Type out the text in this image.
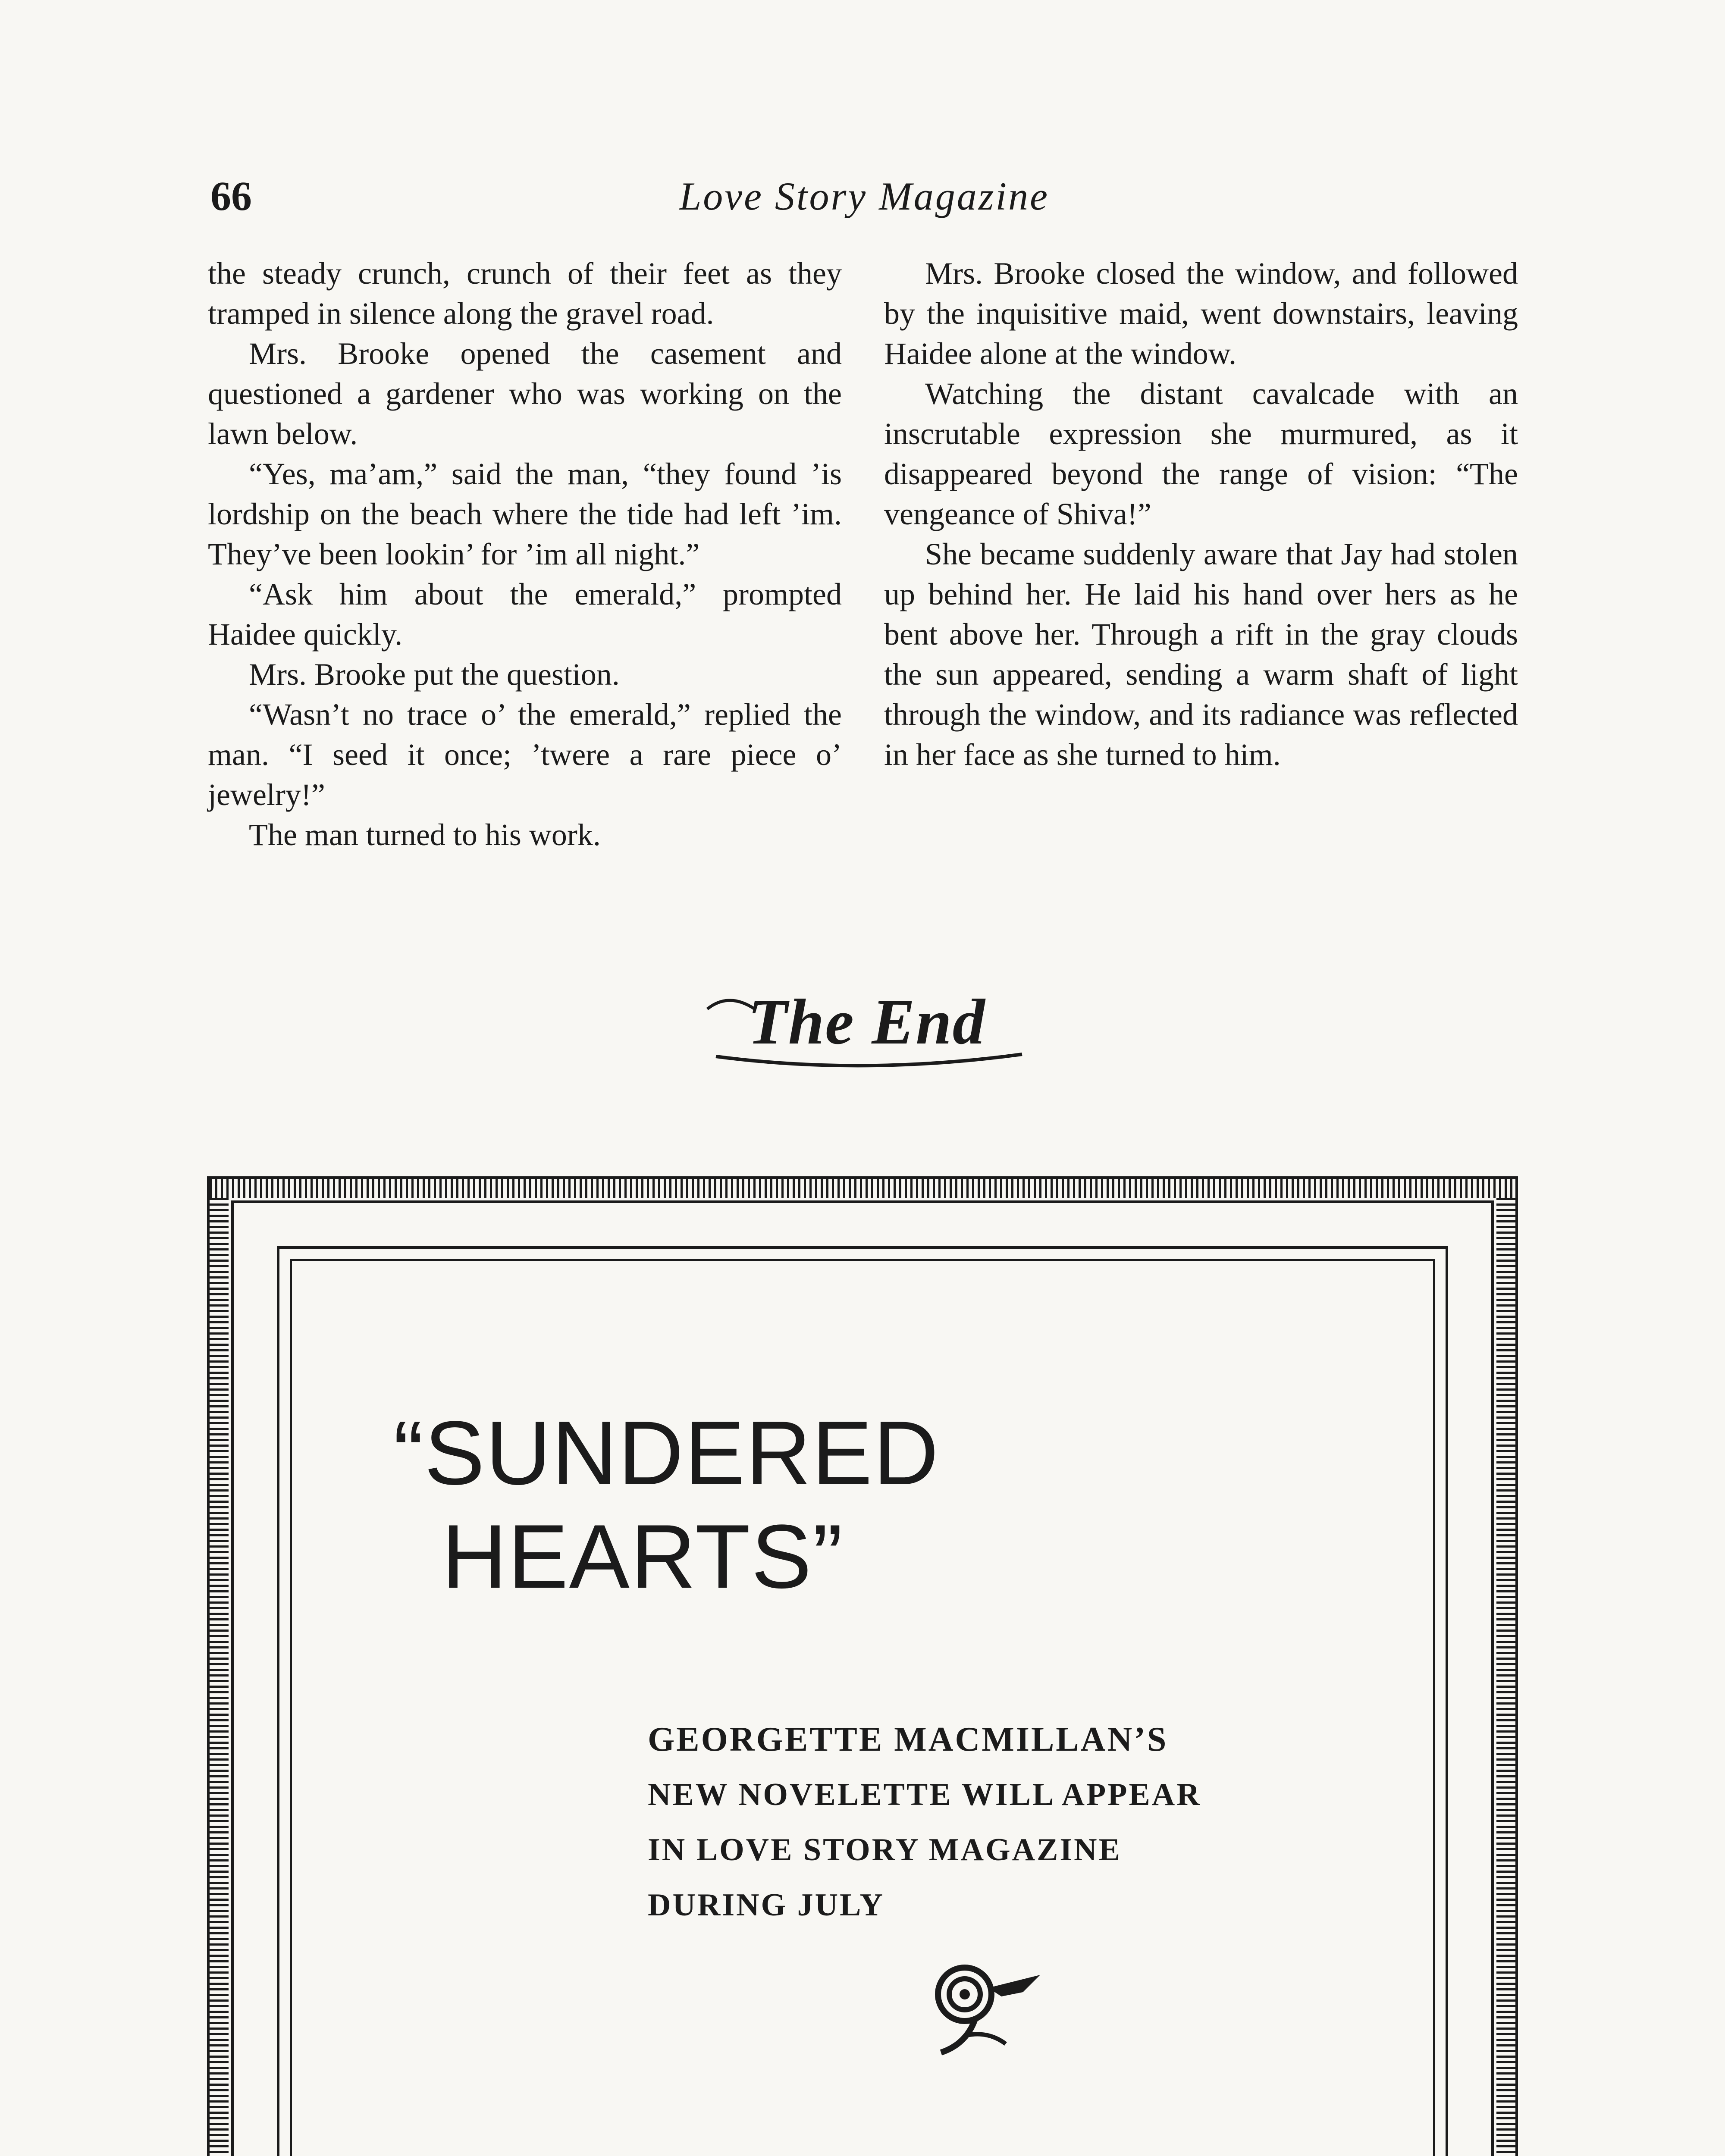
66	Love Story Magazine

the steady crunch, crunch of their feet as they tramped in silence along the gravel road.

Mrs. Brooke opened the casement and questioned a gardener who was working on the lawn below.

“Yes, ma’am,” said the man, “they found ’is lordship on the beach where the tide had left ’im. They’ve been lookin’ for ’im all night.”

“Ask him about the emerald,” prompted Haidee quickly.

Mrs. Brooke put the question.

“Wasn’t no trace o’ the emerald,” replied the man. “I seed it once; ’twere a rare piece o’ jewelry!”

The man turned to his work.

Mrs. Brooke closed the window, and followed by the inquisitive maid, went downstairs, leaving Haidee alone at the window.

Watching the distant cavalcade with an inscrutable expression she murmured, as it disappeared beyond the range of vision: “The vengeance of Shiva!”

She became suddenly aware that Jay had stolen up behind her. He laid his hand over hers as he bent above her. Through a rift in the gray clouds the sun appeared, sending a warm shaft of light through the window, and its radiance was reflected in her face as she turned to him.

The End
“SUNDERED
HEARTS”
GEORGETTE MACMILLAN’S
NEW NOVELETTE WILL APPEAR
IN LOVE STORY MAGAZINE
DURING JULY
